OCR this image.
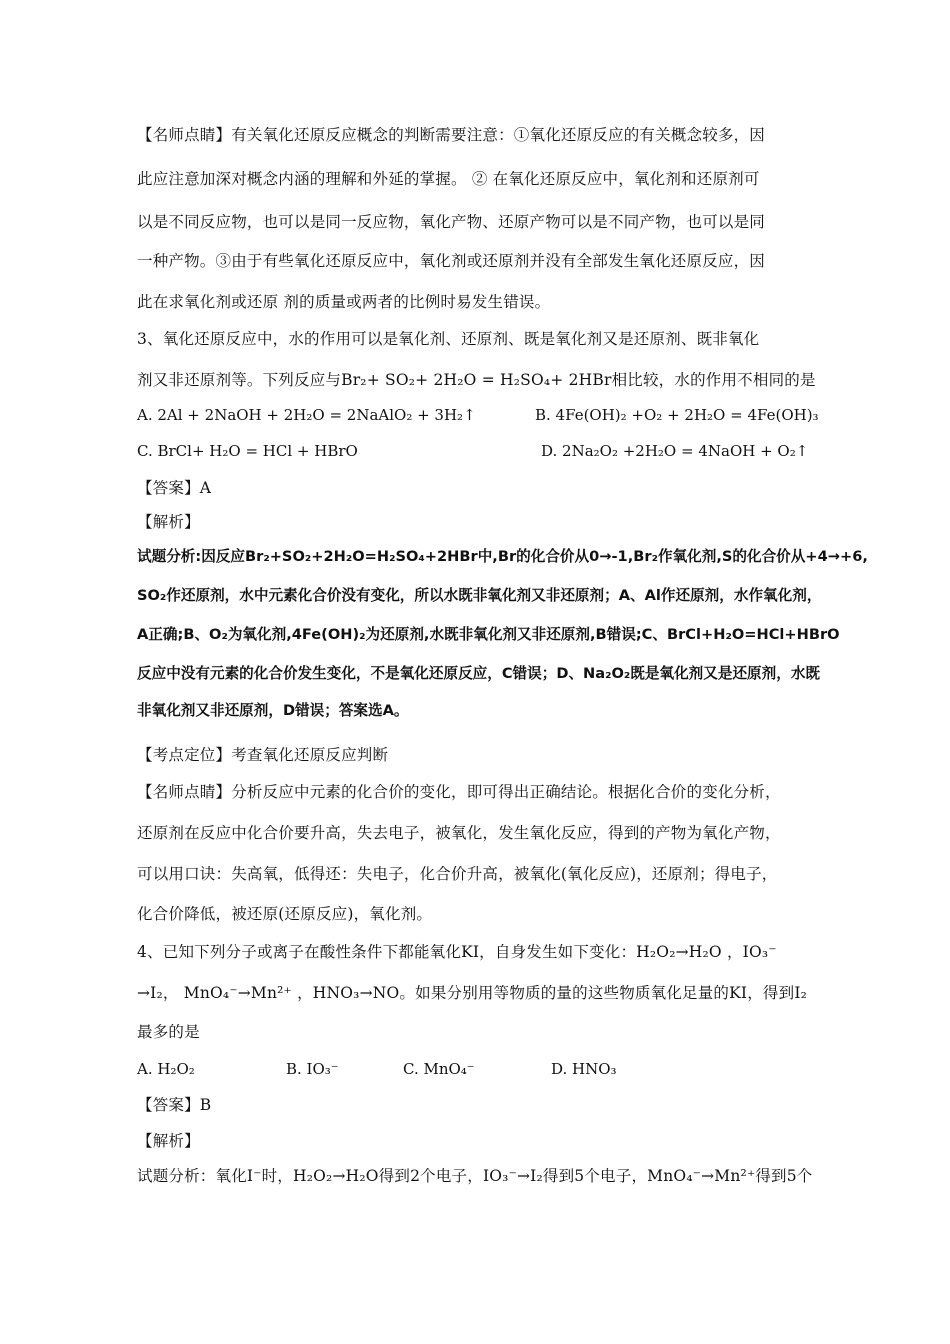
【名师点睛】有关氧化还原反应概念的判断需要注意：①氧化还原反应的有关概念较多，因
此应注意加深对概念内涵的理解和外延的掌握。 ② 在氧化还原反应中，氧化剂和还原剂可
以是不同反应物，也可以是同一反应物，氧化产物、还原产物可以是不同产物，也可以是同
一种产物。③由于有些氧化还原反应中，氧化剂或还原剂并没有全部发生氧化还原反应，因
此在求氧化剂或还原 剂的质量或两者的比例时易发生错误。
3、氧化还原反应中，水的作用可以是氧化剂、还原剂、既是氧化剂又是还原剂、既非氧化
剂又非还原剂等。下列反应与Br₂+ SO₂+ 2H₂O = H₂SO₄+ 2HBr相比较，水的作用不相同的是
A. 2Al + 2NaOH + 2H₂O = 2NaAlO₂ + 3H₂↑	B. 4Fe(OH)₂ +O₂ + 2H₂O = 4Fe(OH)₃
C. BrCl+ H₂O = HCl + HBrO	D. 2Na₂O₂ +2H₂O = 4NaOH + O₂↑
【答案】A
【解析】
试题分析:因反应Br₂+SO₂+2H₂O=H₂SO₄+2HBr中,Br的化合价从0→-1,Br₂作氧化剂,S的化合价从+4→+6,
SO₂作还原剂，水中元素化合价没有变化，所以水既非氧化剂又非还原剂；A、Al作还原剂，水作氧化剂，
A正确;B、O₂为氧化剂,4Fe(OH)₂为还原剂,水既非氧化剂又非还原剂,B错误;C、BrCl+H₂O=HCl+HBrO
反应中没有元素的化合价发生变化，不是氧化还原反应，C错误；D、Na₂O₂既是氧化剂又是还原剂，水既
非氧化剂又非还原剂，D错误；答案选A。
【考点定位】考查氧化还原反应判断
【名师点睛】分析反应中元素的化合价的变化，即可得出正确结论。根据化合价的变化分析，
还原剂在反应中化合价要升高，失去电子，被氧化，发生氧化反应，得到的产物为氧化产物，
可以用口诀：失高氧，低得还：失电子，化合价升高，被氧化(氧化反应)，还原剂；得电子，
化合价降低，被还原(还原反应)，氧化剂。
4、已知下列分子或离子在酸性条件下都能氧化KI，自身发生如下变化：H₂O₂→H₂O ，IO₃⁻
→I₂， MnO₄⁻→Mn²⁺ ，HNO₃→NO。如果分别用等物质的量的这些物质氧化足量的KI，得到I₂
最多的是
A. H₂O₂	B. IO₃⁻	C. MnO₄⁻	D. HNO₃
【答案】B
【解析】
试题分析：氧化I⁻时，H₂O₂→H₂O得到2个电子，IO₃⁻→I₂得到5个电子，MnO₄⁻→Mn²⁺得到5个
